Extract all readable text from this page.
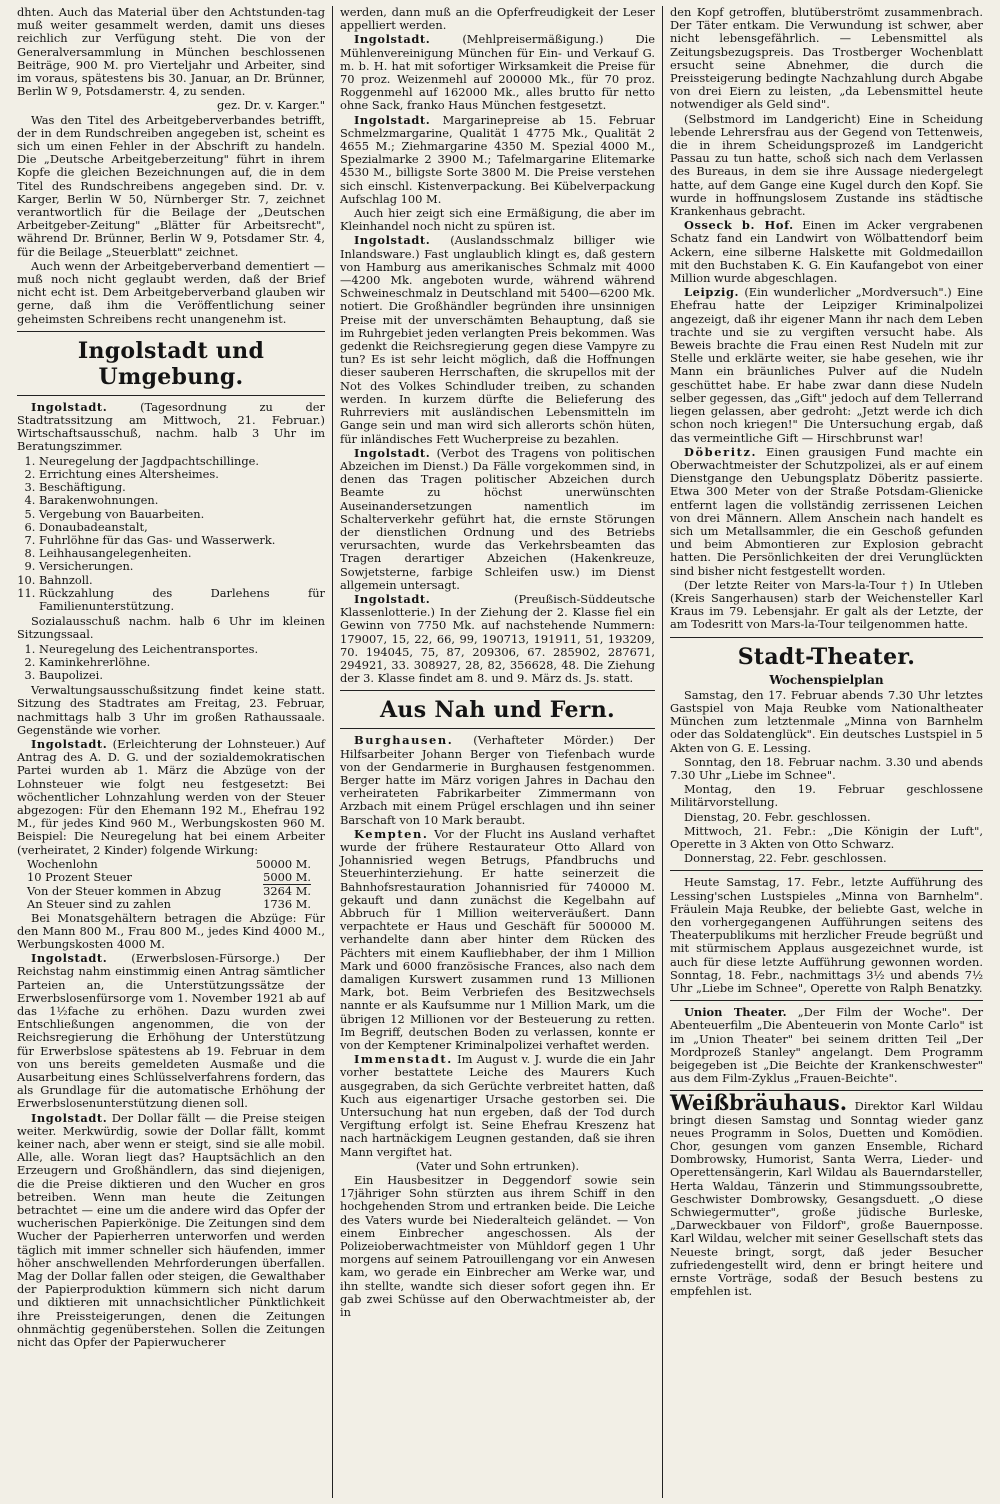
dhten. Auch das Material über den Achtstunden-tag muß weiter gesammelt werden, damit uns dieses reichlich zur Verfügung steht. Die von der Generalversammlung in München beschlossenen Beiträge, 900 M. pro Vierteljahr und Arbeiter, sind im voraus, spätestens bis 30. Januar, an Dr. Brünner, Berlin W 9, Potsdamerstr. 4, zu senden.

gez. Dr. v. Karger."

Was den Titel des Arbeitgeberverbandes betrifft, der in dem Rundschreiben angegeben ist, scheint es sich um einen Fehler in der Abschrift zu handeln. Die „Deutsche Arbeitgeberzeitung" führt in ihrem Kopfe die gleichen Bezeichnungen auf, die in dem Titel des Rundschreibens angegeben sind. Dr. v. Karger, Berlin W 50, Nürnberger Str. 7, zeichnet verantwortlich für die Beilage der „Deutschen Arbeitgeber-Zeitung" „Blätter für Arbeitsrecht", während Dr. Brünner, Berlin W 9, Potsdamer Str. 4, für die Beilage „Steuerblatt" zeichnet.

Auch wenn der Arbeitgeberverband dementiert — muß noch nicht geglaubt werden, daß der Brief nicht echt ist. Dem Arbeitgeberverband glauben wir gerne, daß ihm die Veröffentlichung seiner geheimsten Schreibens recht unangenehm ist.

Ingolstadt und Umgebung.

Ingolstadt.	(Tagesordnung zu der Stadtratssitzung am Mittwoch, 21. Februar.) Wirtschaftsausschuß, nachm. halb 3 Uhr im Beratungszimmer.

1. Neuregelung der Jagdpachtschillinge.
2. Errichtung eines Altersheimes.
3. Beschäftigung.
4. Barakenwohnungen.
5. Vergebung von Bauarbeiten.
6. Donaubadeanstalt,
7. Fuhrlöhne für das Gas- und Wasserwerk.
8. Leihhausangelegenheiten.
9. Versicherungen.
10. Bahnzoll.
11. Rückzahlung des Darlehens für Familienunterstützung.

Sozialausschuß nachm. halb 6 Uhr im kleinen Sitzungssaal.

1. Neuregelung des Leichentransportes.
2. Kaminkehrerlöhne.
3. Baupolizei.

Verwaltungsausschußsitzung findet keine statt. Sitzung des Stadtrates am Freitag, 23. Februar, nachmittags halb 3 Uhr im großen Rathaussaale. Gegenstände wie vorher.

Ingolstadt. (Erleichterung der Lohnsteuer.) Auf Antrag des A. D. G. und der sozialdemokratischen Partei wurden ab 1. März die Abzüge von der Lohnsteuer wie folgt neu festgesetzt: Bei wöchentlicher Lohnzahlung werden von der Steuer abgezogen: Für den Ehemann 192 M., Ehefrau 192 M., für jedes Kind 960 M., Werbungskosten 960 M. Beispiel: Die Neuregelung hat bei einem Arbeiter (verheiratet, 2 Kinder) folgende Wirkung:

Wochenlohn	50000 M.
10 Prozent Steuer	5000 M.
Von der Steuer kommen in Abzug	3264 M.
An Steuer sind zu zahlen	1736 M.

Bei Monatsgehältern betragen die Abzüge: Für den Mann 800 M., Frau 800 M., jedes Kind 4000 M., Werbungskosten 4000 M.

Ingolstadt. (Erwerbslosen-Fürsorge.) Der Reichstag nahm einstimmig einen Antrag sämtlicher Parteien an, die Unterstützungssätze der Erwerbslosenfürsorge vom 1. November 1921 ab auf das 1½fache zu erhöhen. Dazu wurden zwei Entschließungen angenommen, die von der Reichsregierung die Erhöhung der Unterstützung für Erwerbslose spätestens ab 19. Februar in dem von uns bereits gemeldeten Ausmaße und die Ausarbeitung eines Schlüsselverfahrens fordern, das als Grundlage für die automatische Erhöhung der Erwerbslosenunterstützung dienen soll.

Ingolstadt. Der Dollar fällt — die Preise steigen weiter. Merkwürdig, sowie der Dollar fällt, kommt keiner nach, aber wenn er steigt, sind sie alle mobil. Alle, alle. Woran liegt das? Hauptsächlich an den Erzeugern und Großhändlern, das sind diejenigen, die die Preise diktieren und den Wucher en gros betreiben. Wenn man heute die Zeitungen betrachtet — eine um die andere wird das Opfer der wucherischen Papierkönige. Die Zeitungen sind dem Wucher der Papierherren unterworfen und werden täglich mit immer schneller sich häufenden, immer höher anschwellenden Mehrforderungen überfallen. Mag der Dollar fallen oder steigen, die Gewalthaber der Papierproduktion kümmern sich nicht darum und diktieren mit unnachsichtlicher Pünktlichkeit ihre Preissteigerungen, denen die Zeitungen ohnmächtig gegenüberstehen. Sollen die Zeitungen nicht das Opfer der Papierwucherer

werden, dann muß an die Opferfreudigkeit der Leser appelliert werden.

Ingolstadt.	(Mehlpreisermäßigung.) Die Mühlenvereinigung München für Ein- und Verkauf G. m. b. H. hat mit sofortiger Wirksamkeit die Preise für 70 proz. Weizenmehl auf 200000 Mk., für 70 proz. Roggenmehl auf 162000 Mk., alles brutto für netto ohne Sack, franko Haus München festgesetzt.

Ingolstadt. Margarinepreise ab 15. Februar Schmelzmargarine, Qualität 1 4775 Mk., Qualität 2 4655 M.; Ziehmargarine 4350 M. Spezial 4000 M., Spezialmarke 2 3900 M.; Tafelmargarine Elitemarke 4530 M., billigste Sorte 3800 M. Die Preise verstehen sich einschl. Kistenverpackung. Bei Kübelverpackung Aufschlag 100 M.

Auch hier zeigt sich eine Ermäßigung, die aber im Kleinhandel noch nicht zu spüren ist.

Ingolstadt. (Auslandsschmalz billiger wie Inlandsware.) Fast unglaublich klingt es, daß gestern von Hamburg aus amerikanisches Schmalz mit 4000—4200 Mk. angeboten wurde, während während Schweineschmalz in Deutschland mit 5400—6200 Mk. notiert. Die Großhändler begründen ihre unsinnigen Preise mit der unverschämten Behauptung, daß sie im Ruhrgebiet jeden verlangten Preis bekommen. Was gedenkt die Reichsregierung gegen diese Vampyre zu tun? Es ist sehr leicht möglich, daß die Hoffnungen dieser sauberen Herrschaften, die skrupellos mit der Not des Volkes Schindluder treiben, zu schanden werden. In kurzem dürfte die Belieferung des Ruhrreviers mit ausländischen Lebensmitteln im Gange sein und man wird sich allerorts schön hüten, für inländisches Fett Wucherpreise zu bezahlen.

Ingolstadt. (Verbot des Tragens von politischen Abzeichen im Dienst.) Da Fälle vorgekommen sind, in denen das Tragen politischer Abzeichen durch Beamte zu höchst unerwünschten Auseinandersetzungen namentlich im Schalterverkehr geführt hat, die ernste Störungen der dienstlichen Ordnung und des Betriebs verursachten, wurde das Verkehrsbeamten das Tragen derartiger Abzeichen (Hakenkreuze, Sowjetsterne, farbige Schleifen usw.) im Dienst allgemein untersagt.

Ingolstadt.	(Preußisch-Süddeutsche Klassenlotterie.) In der Ziehung der 2. Klasse fiel ein Gewinn von 7750 Mk. auf nachstehende Nummern: 179007, 15, 22, 66, 99, 190713, 191911, 51, 193209, 70. 194045, 75, 87, 209306, 67. 285902, 287671, 294921, 33. 308927, 28, 82, 356628, 48. Die Ziehung der 3. Klasse findet am 8. und 9. März ds. Js. statt.

Aus Nah und Fern.

Burghausen. (Verhafteter Mörder.) Der Hilfsarbeiter Johann Berger von Tiefenbach wurde von der Gendarmerie in Burghausen festgenommen. Berger hatte im März vorigen Jahres in Dachau den verheirateten Fabrikarbeiter Zimmermann von Arzbach mit einem Prügel erschlagen und ihn seiner Barschaft von 10 Mark beraubt.

Kempten. Vor der Flucht ins Ausland verhaftet wurde der frühere Restaurateur Otto Allard von Johannisried wegen Betrugs, Pfandbruchs und Steuerhinterziehung. Er hatte seinerzeit die Bahnhofsrestauration Johannisried für 740000 M. gekauft und dann zunächst die Kegelbahn auf Abbruch für 1 Million weiterveräußert. Dann verpachtete er Haus und Geschäft für 500000 M. verhandelte dann aber hinter dem Rücken des Pächters mit einem Kaufliebhaber, der ihm 1 Million Mark und 6000 französische Frances, also nach dem damaligen Kurswert zusammen rund 13 Millionen Mark, bot. Beim Verbriefen des Besitzwechsels nannte er als Kaufsumme nur 1 Million Mark, um die übrigen 12 Millionen vor der Besteuerung zu retten. Im Begriff, deutschen Boden zu verlassen, konnte er von der Kemptener Kriminalpolizei verhaftet werden.

Immenstadt. Im August v. J. wurde die ein Jahr vorher bestattete Leiche des Maurers Kuch ausgegraben, da sich Gerüchte verbreitet hatten, daß Kuch aus eigenartiger Ursache gestorben sei. Die Untersuchung hat nun ergeben, daß der Tod durch Vergiftung erfolgt ist. Seine Ehefrau Kreszenz hat nach hartnäckigem Leugnen gestanden, daß sie ihren Mann vergiftet hat.

(Vater und Sohn ertrunken).

Ein Hausbesitzer in Deggendorf sowie sein 17jähriger Sohn stürzten aus ihrem Schiff in den hochgehenden Strom und ertranken beide. Die Leiche des Vaters wurde bei Niederalteich geländet. — Von einem Einbrecher angeschossen. Als der Polizeioberwachtmeister von Mühldorf gegen 1 Uhr morgens auf seinem Patrouillengang vor ein Anwesen kam, wo gerade ein Einbrecher am Werke war, und ihn stellte, wandte sich dieser sofort gegen ihn. Er gab zwei Schüsse auf den Oberwachtmeister ab, der in

den Kopf getroffen, blutüberströmt zusammenbrach. Der Täter entkam. Die Verwundung ist schwer, aber nicht lebensgefährlich. — Lebensmittel als Zeitungsbezugspreis. Das Trostberger Wochenblatt ersucht seine Abnehmer, die durch die Preissteigerung bedingte Nachzahlung durch Abgabe von drei Eiern zu leisten, „da Lebensmittel heute notwendiger als Geld sind".

(Selbstmord im Landgericht) Eine in Scheidung lebende Lehrersfrau aus der Gegend von Tettenweis, die in ihrem Scheidungsprozeß im Landgericht Passau zu tun hatte, schoß sich nach dem Verlassen des Bureaus, in dem sie ihre Aussage niedergelegt hatte, auf dem Gange eine Kugel durch den Kopf. Sie wurde in hoffnungslosem Zustande ins städtische Krankenhaus gebracht.

Osseck b. Hof. Einen im Acker vergrabenen Schatz fand ein Landwirt von Wölbattendorf beim Ackern, eine silberne Halskette mit Goldmedaillon mit den Buchstaben K. G. Ein Kaufangebot von einer Million wurde abgeschlagen.

Leipzig. (Ein wunderlicher „Mordversuch".) Eine Ehefrau hatte der Leipziger Kriminalpolizei angezeigt, daß ihr eigener Mann ihr nach dem Leben trachte und sie zu vergiften versucht habe. Als Beweis brachte die Frau einen Rest Nudeln mit zur Stelle und erklärte weiter, sie habe gesehen, wie ihr Mann ein bräunliches Pulver auf die Nudeln geschüttet habe. Er habe zwar dann diese Nudeln selber gegessen, das „Gift" jedoch auf dem Tellerrand liegen gelassen, aber gedroht: „Jetzt werde ich dich schon noch kriegen!" Die Untersuchung ergab, daß das vermeintliche Gift — Hirschbrunst war!

Döberitz. Einen grausigen Fund machte ein Oberwachtmeister der Schutzpolizei, als er auf einem Dienstgange den Uebungsplatz Döberitz passierte. Etwa 300 Meter von der Straße Potsdam-Glienicke entfernt lagen die vollständig zerrissenen Leichen von drei Männern. Allem Anschein nach handelt es sich um Metallsammler, die ein Geschoß gefunden und beim Abmontieren zur Explosion gebracht hatten. Die Persönlichkeiten der drei Verunglückten sind bisher nicht festgestellt worden.

(Der letzte Reiter von Mars-la-Tour †) In Utleben (Kreis Sangerhausen) starb der Weichensteller Karl Kraus im 79. Lebensjahr. Er galt als der Letzte, der am Todesritt von Mars-la-Tour teilgenommen hatte.

Stadt-Theater.
Wochenspielplan

Samstag, den 17. Februar abends 7.30 Uhr letztes Gastspiel von Maja Reubke vom Nationaltheater München zum letztenmale „Minna von Barnhelm oder das Soldatenglück". Ein deutsches Lustspiel in 5 Akten von G. E. Lessing.

Sonntag, den 18. Februar nachm. 3.30 und abends 7.30 Uhr „Liebe im Schnee".

Montag, den 19. Februar geschlossene Militärvorstellung.

Dienstag, 20. Febr. geschlossen.

Mittwoch, 21. Febr.: „Die Königin der Luft", Operette in 3 Akten von Otto Schwarz.

Donnerstag, 22. Febr. geschlossen.

Heute Samstag, 17. Febr., letzte Aufführung des Lessing'schen Lustspieles „Minna von Barnhelm". Fräulein Maja Reubke, der beliebte Gast, welche in den vorhergegangenen Aufführungen seitens des Theaterpublikums mit herzlicher Freude begrüßt und mit stürmischem Applaus ausgezeichnet wurde, ist auch für diese letzte Aufführung gewonnen worden. Sonntag, 18. Febr., nachmittags 3½ und abends 7½ Uhr „Liebe im Schnee", Operette von Ralph Benatzky.

Union Theater. „Der Film der Woche". Der Abenteuerfilm „Die Abenteuerin von Monte Carlo" ist im „Union Theater" bei seinem dritten Teil „Der Mordprozeß Stanley" angelangt. Dem Programm beigegeben ist „Die Beichte der Krankenschwester" aus dem Film-Zyklus „Frauen-Beichte".

Weißbräuhaus. Direktor Karl Wildau bringt diesen Samstag und Sonntag wieder ganz neues Programm in Solos, Duetten und Komödien. Chor, gesungen vom ganzen Ensemble, Richard Dombrowsky, Humorist, Santa Werra, Lieder- und Operettensängerin, Karl Wildau als Bauerndarsteller, Herta Waldau, Tänzerin und Stimmungssoubrette, Geschwister Dombrowsky, Gesangsduett. „O diese Schwiegermutter", große jüdische Burleske, „Darweckbauer von Fildorf", große Bauernposse. Karl Wildau, welcher mit seiner Gesellschaft stets das Neueste bringt, sorgt, daß jeder Besucher zufriedengestellt wird, denn er bringt heitere und ernste Vorträge, sodaß der Besuch bestens zu empfehlen ist.
